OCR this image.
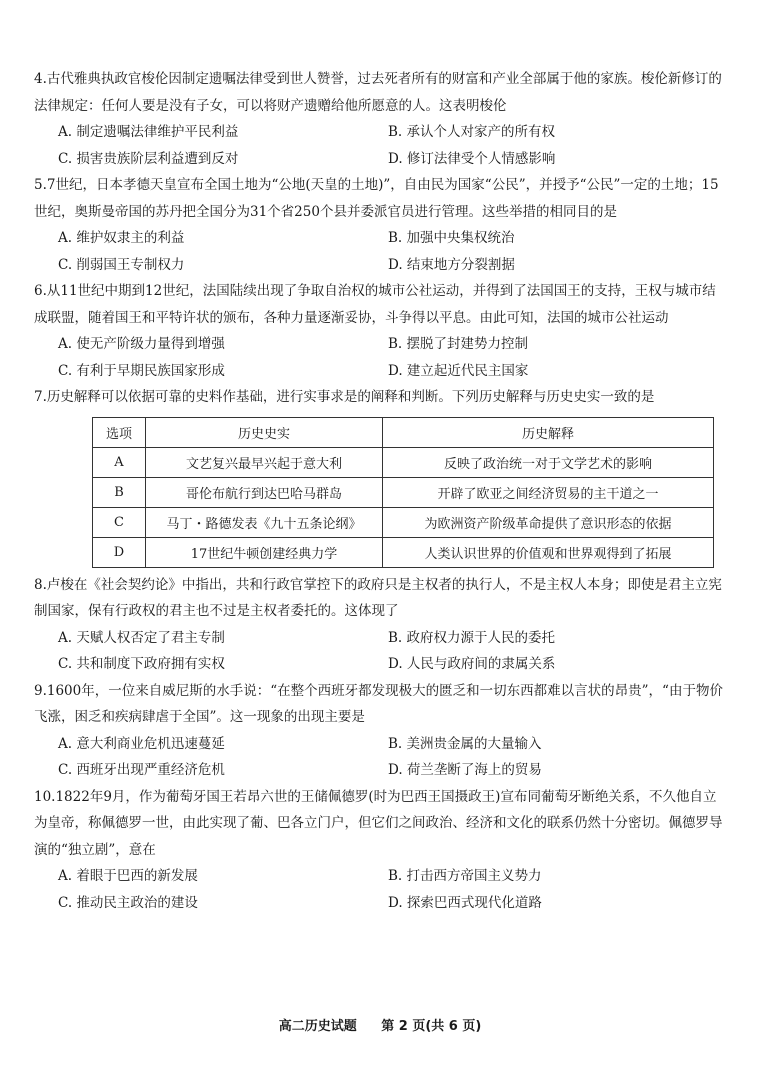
4.古代雅典执政官梭伦因制定遗嘱法律受到世人赞誉，过去死者所有的财富和产业全部属于他的家族。梭伦新修订的法律规定：任何人要是没有子女，可以将财产遗赠给他所愿意的人。这表明梭伦

A. 制定遗嘱法律维护平民利益	B. 承认个人对家产的所有权
C. 损害贵族阶层利益遭到反对	D. 修订法律受个人情感影响

5.7世纪，日本孝德天皇宣布全国土地为“公地(天皇的土地)”，自由民为国家“公民”，并授予“公民”一定的土地；15世纪，奥斯曼帝国的苏丹把全国分为31个省250个县并委派官员进行管理。这些举措的相同目的是

A. 维护奴隶主的利益	B. 加强中央集权统治
C. 削弱国王专制权力	D. 结束地方分裂割据

6.从11世纪中期到12世纪，法国陆续出现了争取自治权的城市公社运动，并得到了法国国王的支持，王权与城市结成联盟，随着国王和平特许状的颁布，各种力量逐渐妥协，斗争得以平息。由此可知，法国的城市公社运动

A. 使无产阶级力量得到增强	B. 摆脱了封建势力控制
C. 有利于早期民族国家形成	D. 建立起近代民主国家

7.历史解释可以依据可靠的史料作基础，进行实事求是的阐释和判断。下列历史解释与历史史实一致的是

选项	历史史实	历史解释
A	文艺复兴最早兴起于意大利	反映了政治统一对于文学艺术的影响
B	哥伦布航行到达巴哈马群岛	开辟了欧亚之间经济贸易的主干道之一
C	马丁・路德发表《九十五条论纲》	为欧洲资产阶级革命提供了意识形态的依据
D	17世纪牛顿创建经典力学	人类认识世界的价值观和世界观得到了拓展

8.卢梭在《社会契约论》中指出，共和行政官掌控下的政府只是主权者的执行人，不是主权人本身；即使是君主立宪制国家，保有行政权的君主也不过是主权者委托的。这体现了

A. 天赋人权否定了君主专制	B. 政府权力源于人民的委托
C. 共和制度下政府拥有实权	D. 人民与政府间的隶属关系

9.1600年，一位来自威尼斯的水手说：“在整个西班牙都发现极大的匮乏和一切东西都难以言状的昂贵”，“由于物价飞涨，困乏和疾病肆虐于全国”。这一现象的出现主要是

A. 意大利商业危机迅速蔓延	B. 美洲贵金属的大量输入
C. 西班牙出现严重经济危机	D. 荷兰垄断了海上的贸易

10.1822年9月，作为葡萄牙国王若昂六世的王储佩德罗(时为巴西王国摄政王)宣布同葡萄牙断绝关系，不久他自立为皇帝，称佩德罗一世，由此实现了葡、巴各立门户，但它们之间政治、经济和文化的联系仍然十分密切。佩德罗导演的“独立剧”，意在

A. 着眼于巴西的新发展	B. 打击西方帝国主义势力
C. 推动民主政治的建设	D. 探索巴西式现代化道路
高二历史试题 第 2 页(共 6 页)
